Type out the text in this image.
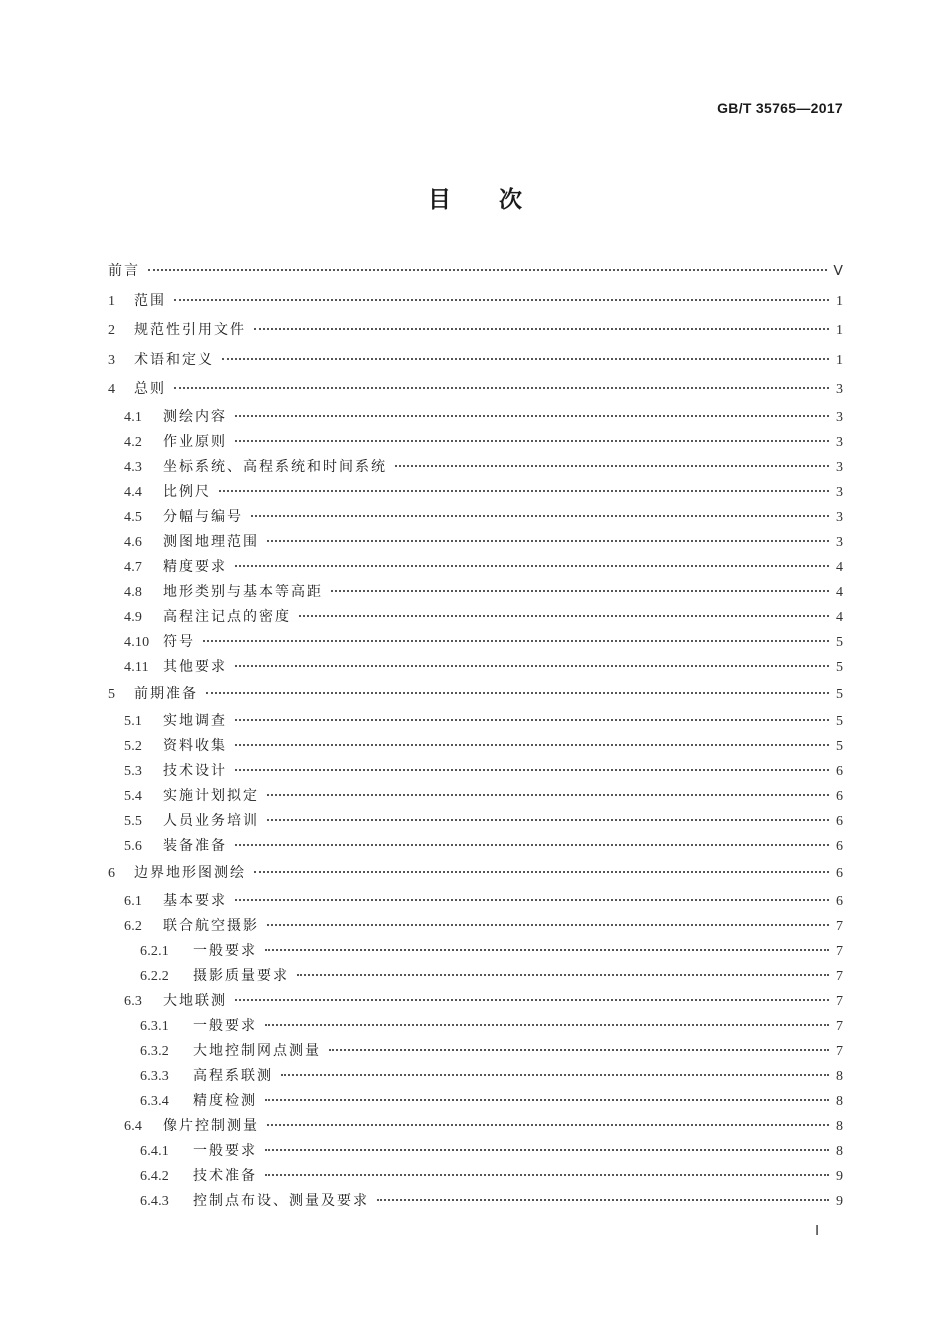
GB/T 35765—2017
目      次
前言	Ⅴ
1	范围	1
2	规范性引用文件	1
3	术语和定义	1
4	总则	3
4.1	测绘内容	3
4.2	作业原则	3
4.3	坐标系统、高程系统和时间系统	3
4.4	比例尺	3
4.5	分幅与编号	3
4.6	测图地理范围	3
4.7	精度要求	4
4.8	地形类别与基本等高距	4
4.9	高程注记点的密度	4
4.10 符号	5
4.11	其他要求	5
5	前期准备	5
5.1	实地调查	5
5.2	资料收集	5
5.3	技术设计	6
5.4	实施计划拟定	6
5.5	人员业务培训	6
5.6	装备准备	6
6	边界地形图测绘	6
6.1	基本要求	6
6.2	联合航空摄影	7
6.2.1	一般要求	7
6.2.2	摄影质量要求	7
6.3	大地联测	7
6.3.1	一般要求	7
6.3.2	大地控制网点测量	7
6.3.3	高程系联测	8
6.3.4	精度检测	8
6.4	像片控制测量	8
6.4.1	一般要求	8
6.4.2	技术准备	9
6.4.3	控制点布设、测量及要求	9
Ⅰ
